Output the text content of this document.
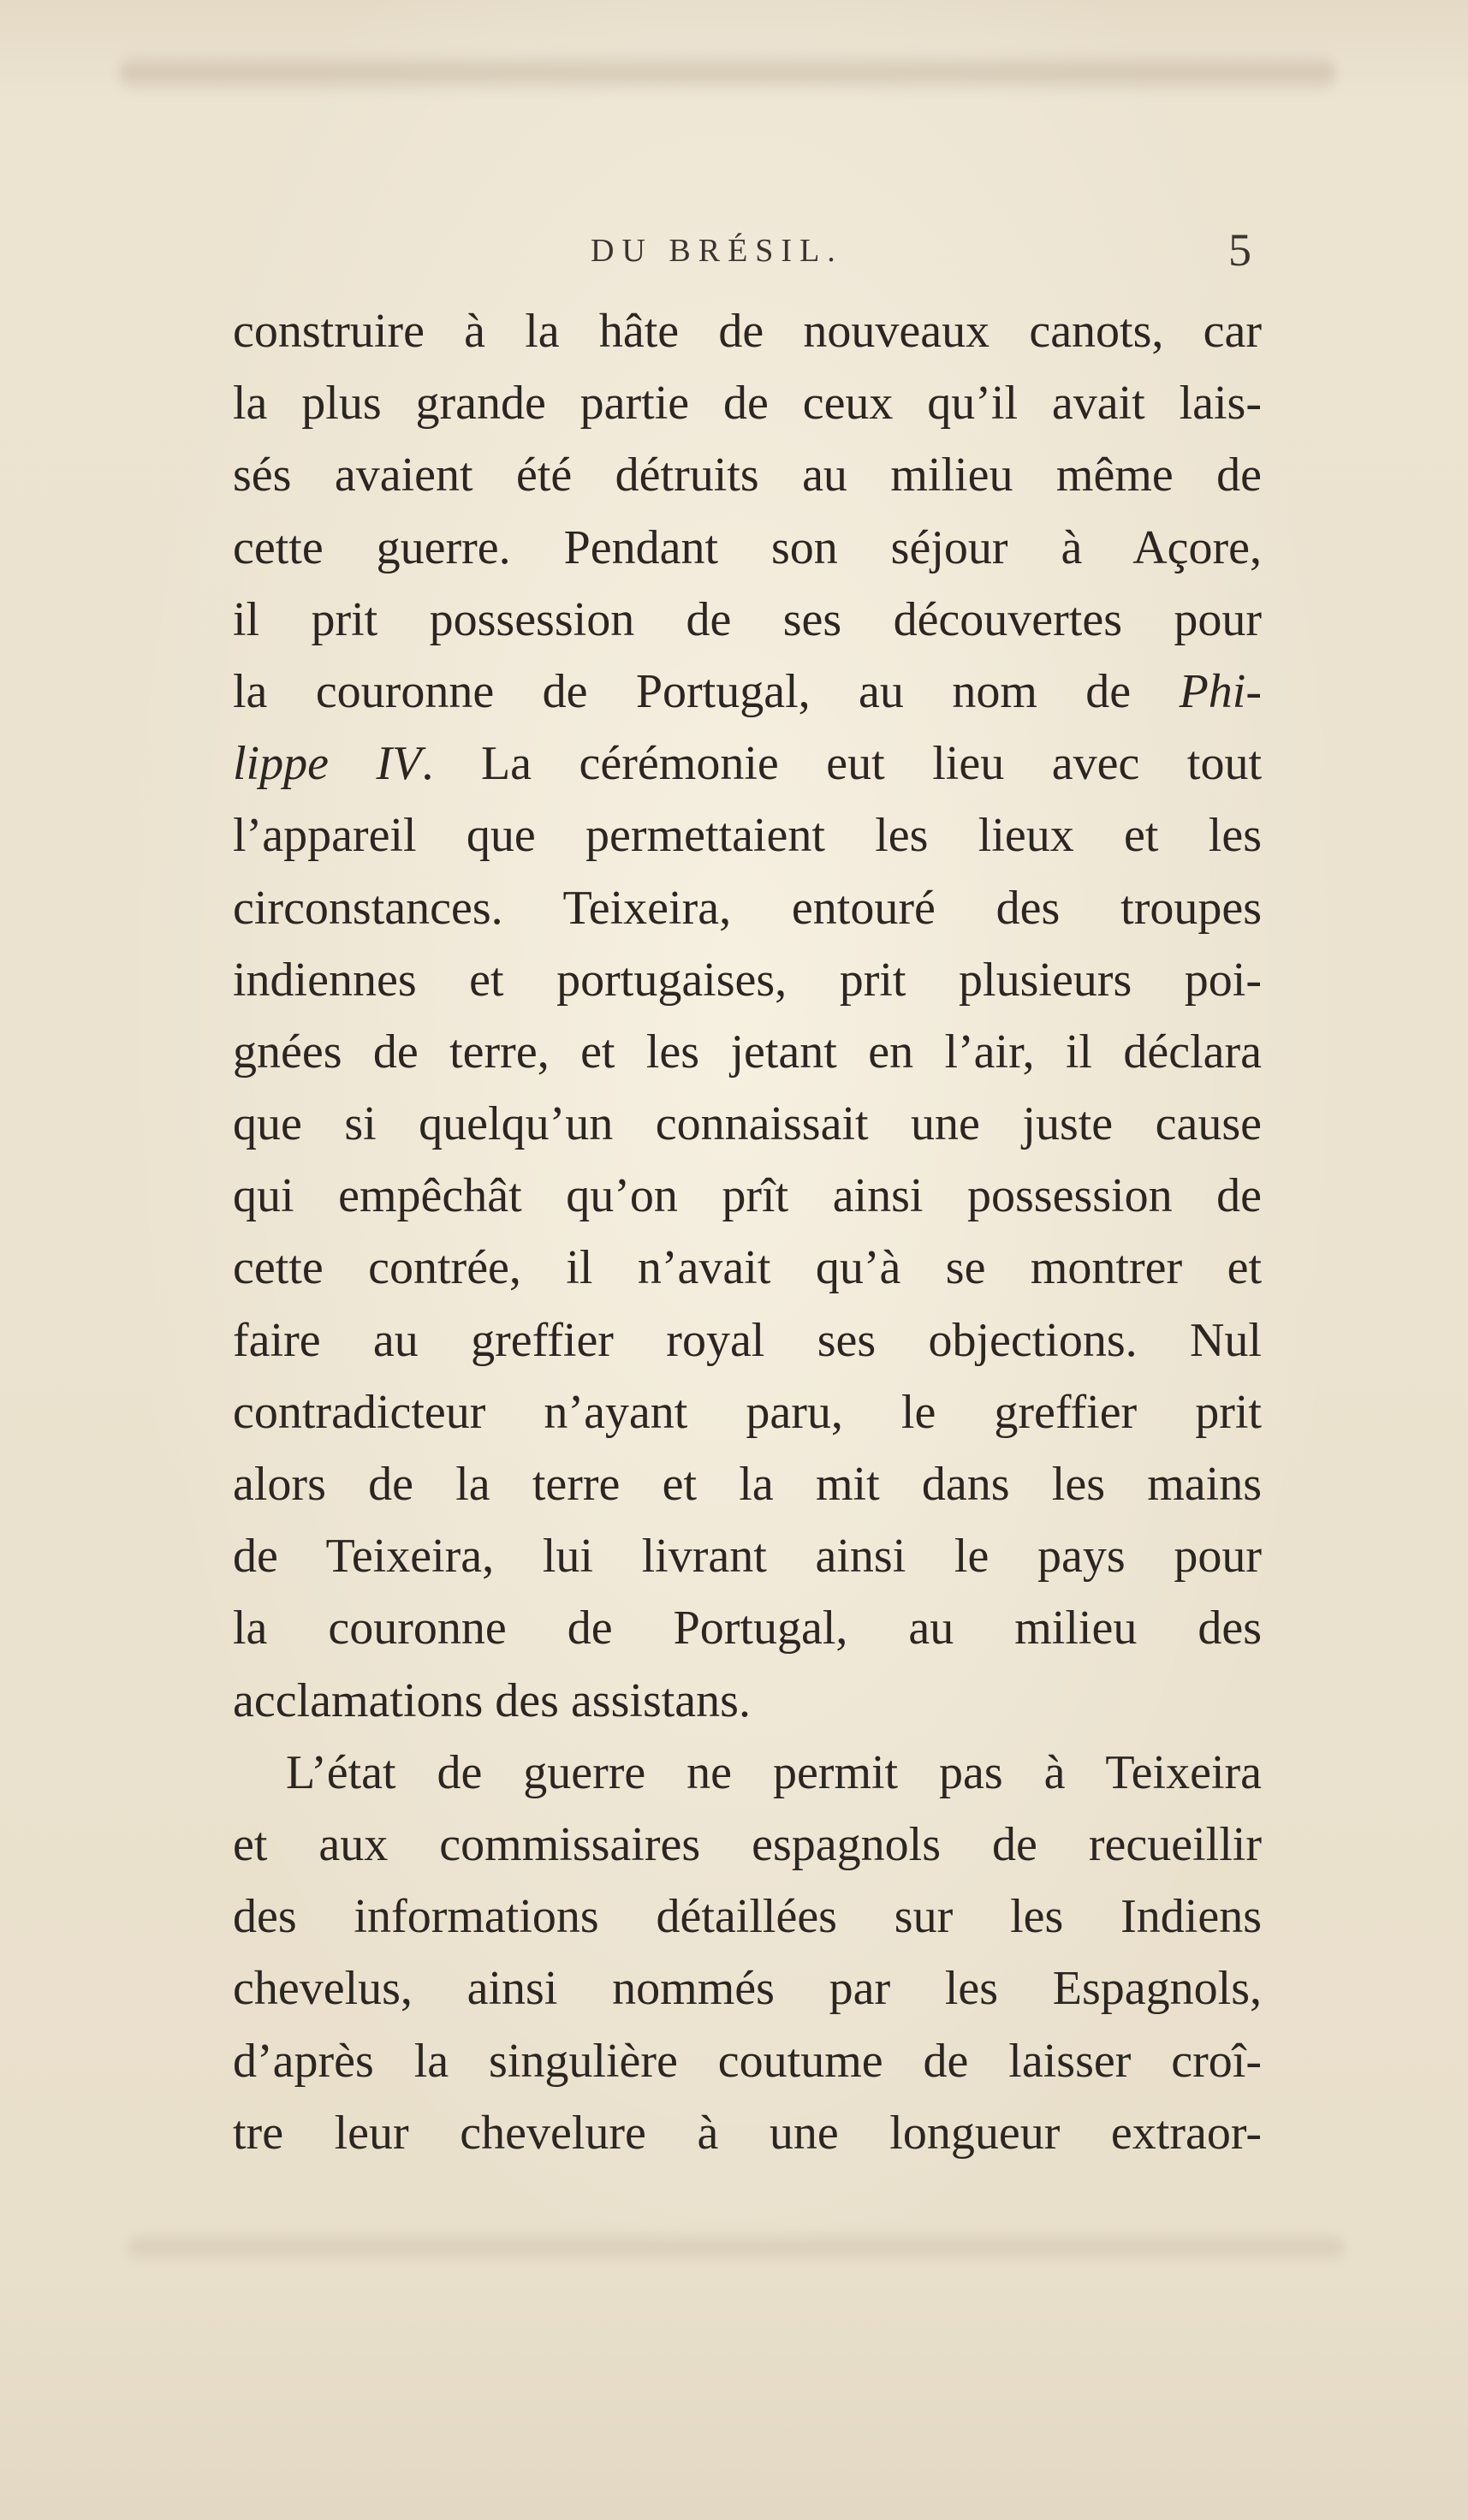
DU BRÉSIL.	5
construire à la hâte de nouveaux canots, car
la plus grande partie de ceux qu’il avait lais-
sés avaient été détruits au milieu même de
cette guerre. Pendant son séjour à Açore,
il prit possession de ses découvertes pour
la couronne de Portugal, au nom de Phi-
lippe IV. La cérémonie eut lieu avec tout
l’appareil que permettaient les lieux et les
circonstances. Teixeira, entouré des troupes
indiennes et portugaises, prit plusieurs poi-
gnées de terre, et les jetant en l’air, il déclara
que si quelqu’un connaissait une juste cause
qui empêchât qu’on prît ainsi possession de
cette contrée, il n’avait qu’à se montrer et
faire au greffier royal ses objections. Nul
contradicteur n’ayant paru, le greffier prit
alors de la terre et la mit dans les mains
de Teixeira, lui livrant ainsi le pays pour
la couronne de Portugal, au milieu des
acclamations des assistans.
L’état de guerre ne permit pas à Teixeira
et aux commissaires espagnols de recueillir
des informations détaillées sur les Indiens
chevelus, ainsi nommés par les Espagnols,
d’après la singulière coutume de laisser croî-
tre leur chevelure à une longueur extraor-
